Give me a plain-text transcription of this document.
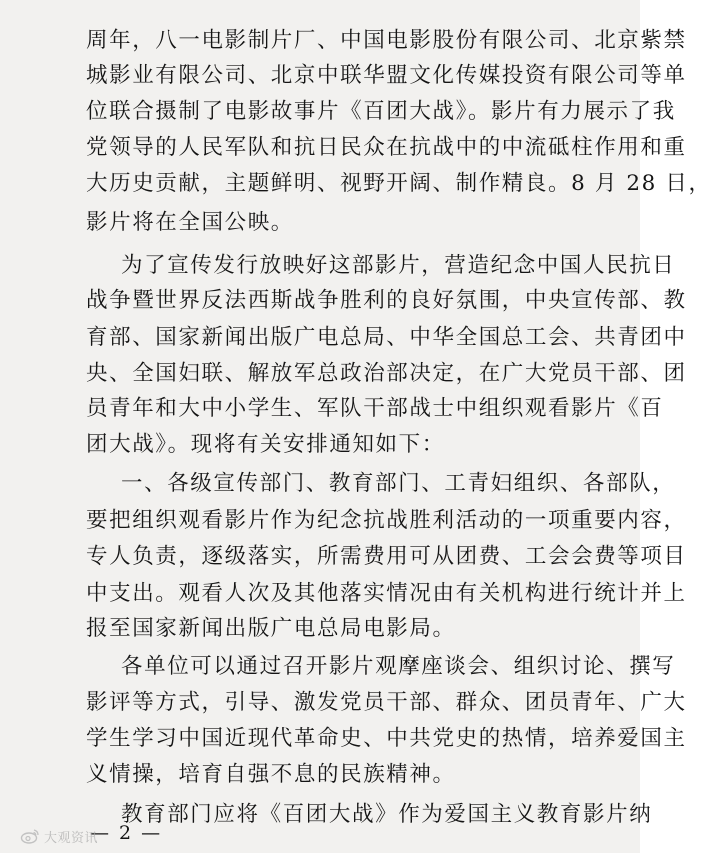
周年，八一电影制片厂、中国电影股份有限公司、北京紫禁
城影业有限公司、北京中联华盟文化传媒投资有限公司等单
位联合摄制了电影故事片《百团大战》。影片有力展示了我
党领导的人民军队和抗日民众在抗战中的中流砥柱作用和重
大历史贡献，主题鲜明、视野开阔、制作精良。8 月 28 日，
影片将在全国公映。
为了宣传发行放映好这部影片，营造纪念中国人民抗日
战争暨世界反法西斯战争胜利的良好氛围，中央宣传部、教
育部、国家新闻出版广电总局、中华全国总工会、共青团中
央、全国妇联、解放军总政治部决定，在广大党员干部、团
员青年和大中小学生、军队干部战士中组织观看影片《百
团大战》。现将有关安排通知如下：
一、各级宣传部门、教育部门、工青妇组织、各部队，
要把组织观看影片作为纪念抗战胜利活动的一项重要内容，
专人负责，逐级落实，所需费用可从团费、工会会费等项目
中支出。观看人次及其他落实情况由有关机构进行统计并上
报至国家新闻出版广电总局电影局。
各单位可以通过召开影片观摩座谈会、组织讨论、撰写
影评等方式，引导、激发党员干部、群众、团员青年、广大
学生学习中国近现代革命史、中共党史的热情，培养爱国主
义情操，培育自强不息的民族精神。
教育部门应将《百团大战》作为爱国主义教育影片纳
— 2 —
大观资讯
